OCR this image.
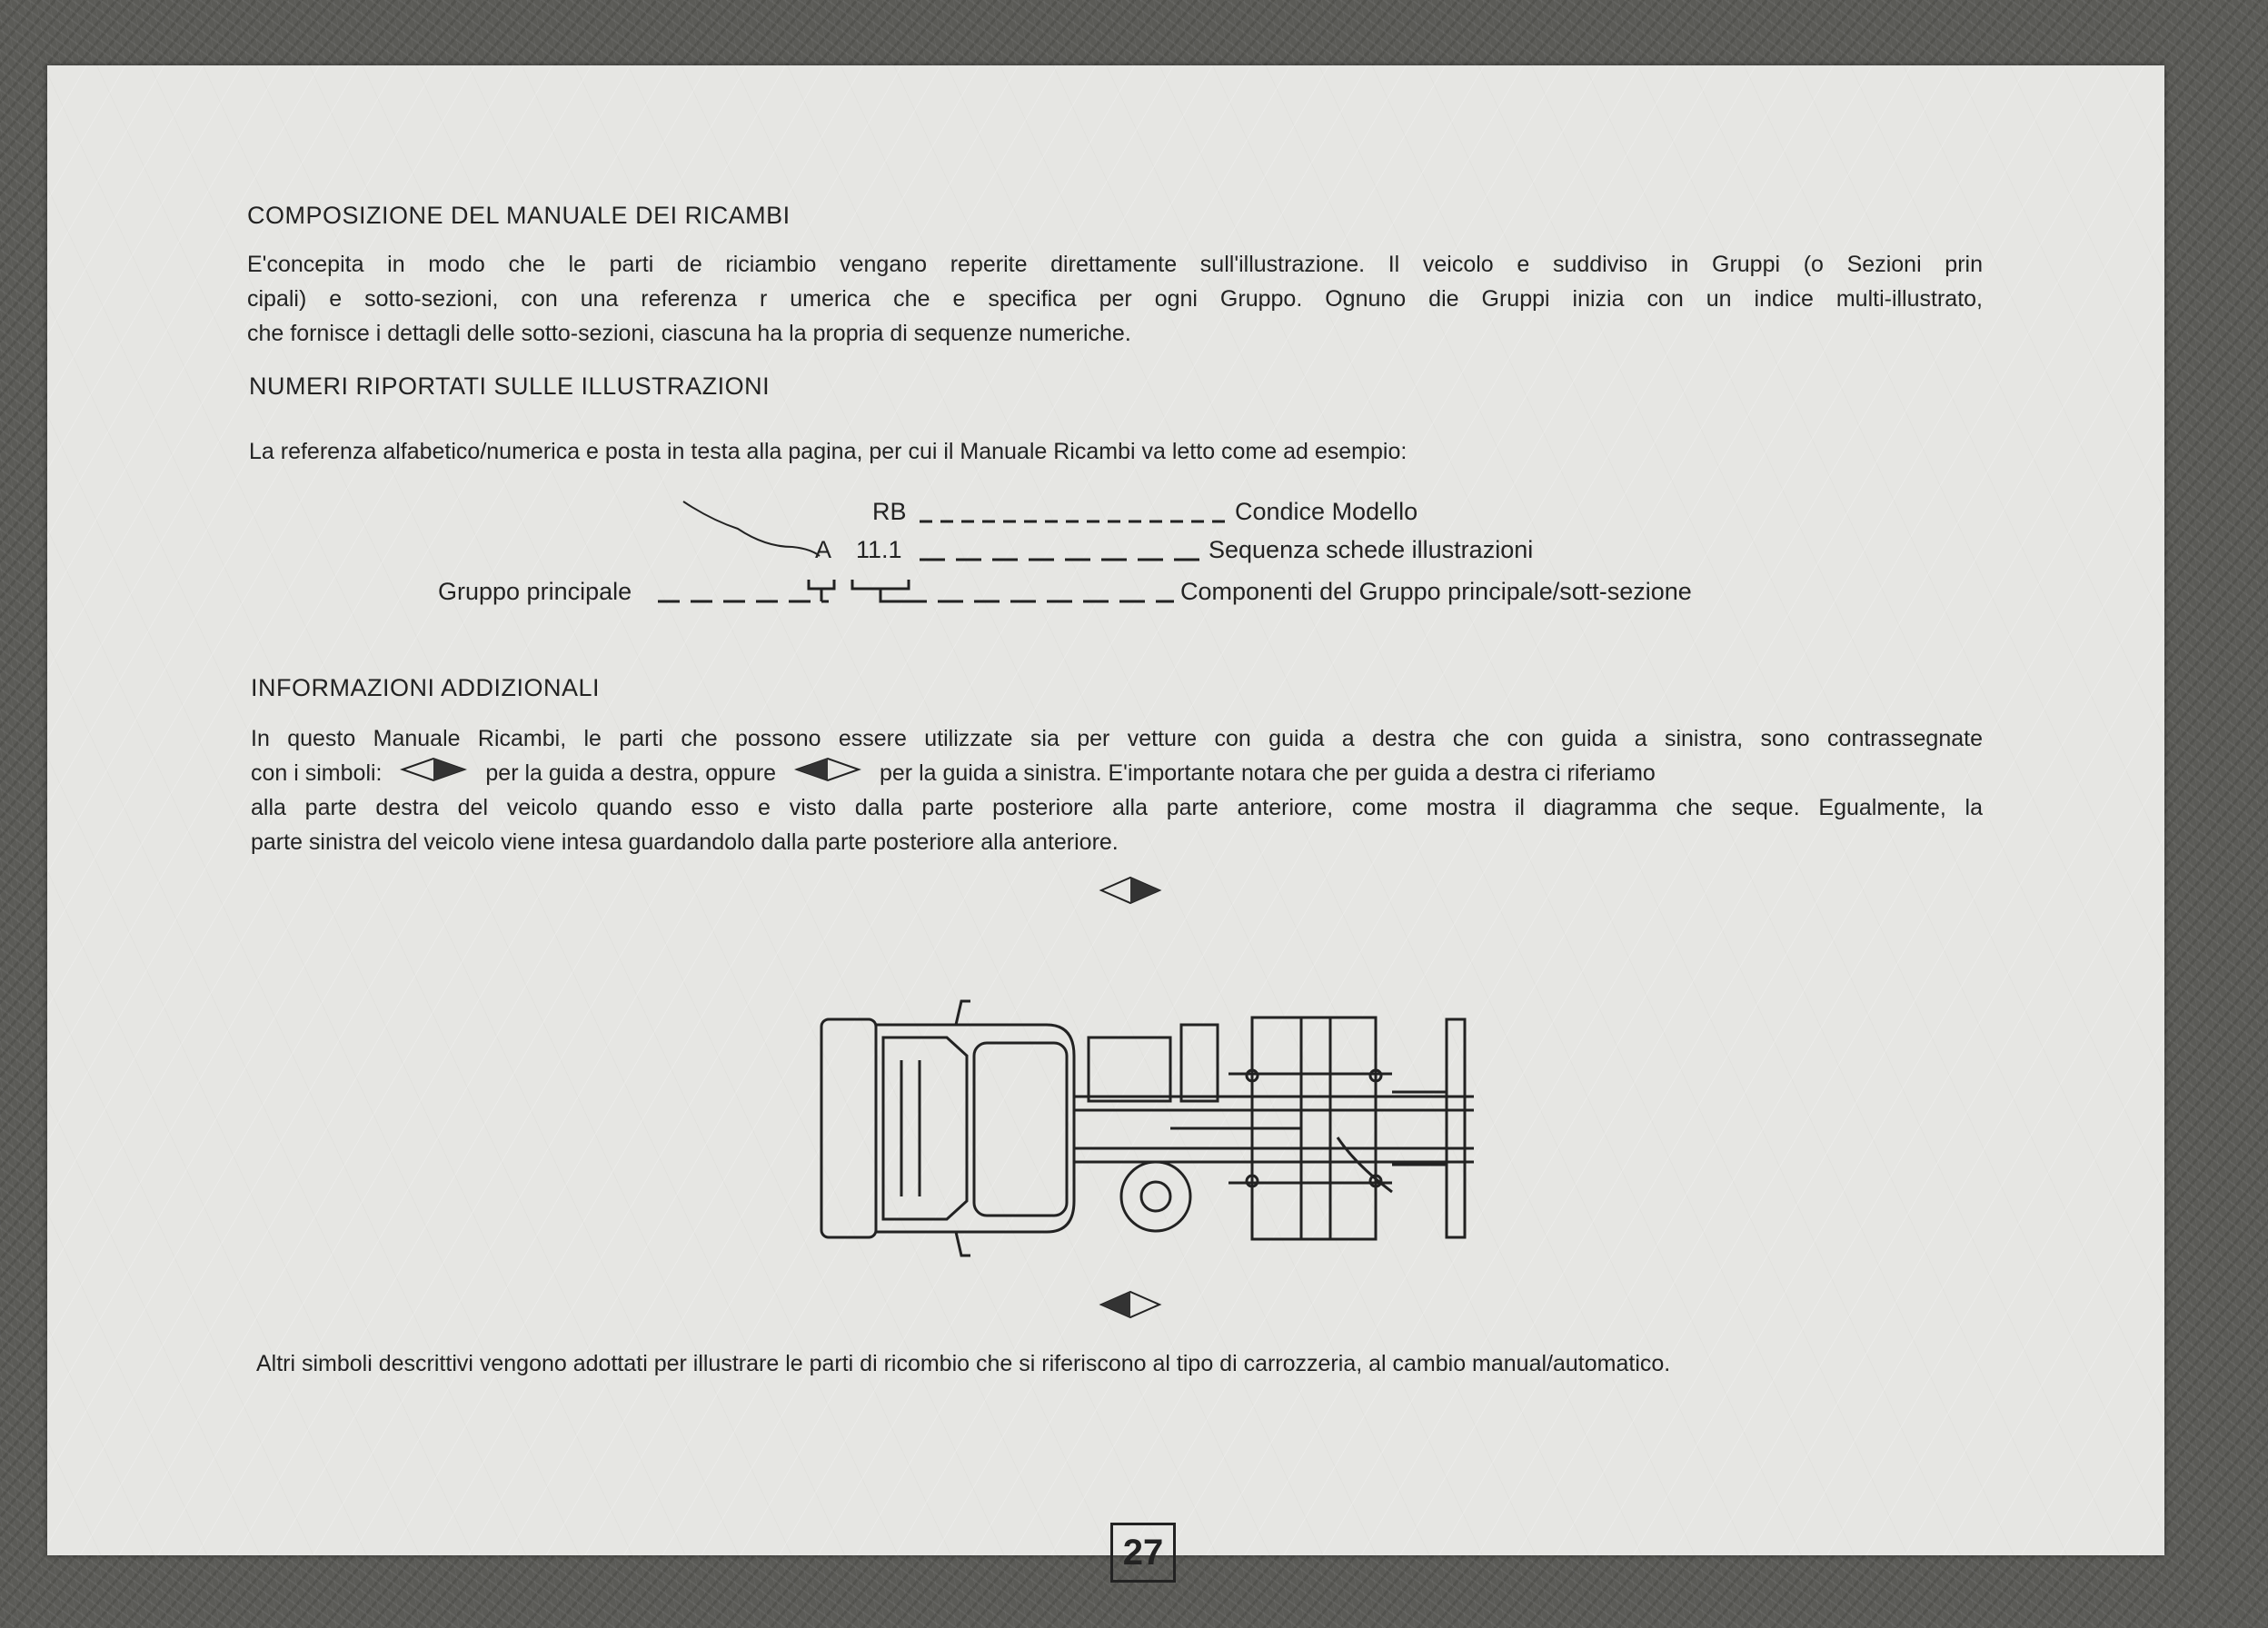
COMPOSIZIONE DEL MANUALE DEI RICAMBI
E'concepita in modo che le parti de riciambio vengano reperite direttamente sull'illustrazione. Il veicolo e suddiviso in Gruppi (o Sezioni prin
cipali) e sotto-sezioni, con una referenza r umerica che e specifica per ogni Gruppo. Ognuno die Gruppi inizia con un indice multi-illustrato,
che fornisce i dettagli delle sotto-sezioni, ciascuna ha la propria di sequenze numeriche.
NUMERI RIPORTATI SULLE ILLUSTRAZIONI
La referenza alfabetico/numerica e posta in testa alla pagina, per cui il Manuale Ricambi va letto come ad esempio:
RB
A 11.1
Condice Modello
Sequenza schede illustrazioni
Gruppo principale	Componenti del Gruppo principale/sott-sezione
INFORMAZIONI ADDIZIONALI
In questo Manuale Ricambi, le parti che possono essere utilizzate sia per vetture con guida a destra che con guida a sinistra, sono contrassegnate
con i simboli:	per la guida a destra, oppure	per la guida a sinistra. E'importante notara che per guida a destra ci riferiamo
alla parte destra del veicolo quando esso e visto dalla parte posteriore alla parte anteriore, come mostra il diagramma che seque. Egualmente, la
parte sinistra del veicolo viene intesa guardandolo dalla parte posteriore alla anteriore.
Altri simboli descrittivi vengono adottati per illustrare le parti di ricombio che si riferiscono al tipo di carrozzeria, al cambio manual/automatico.
27
